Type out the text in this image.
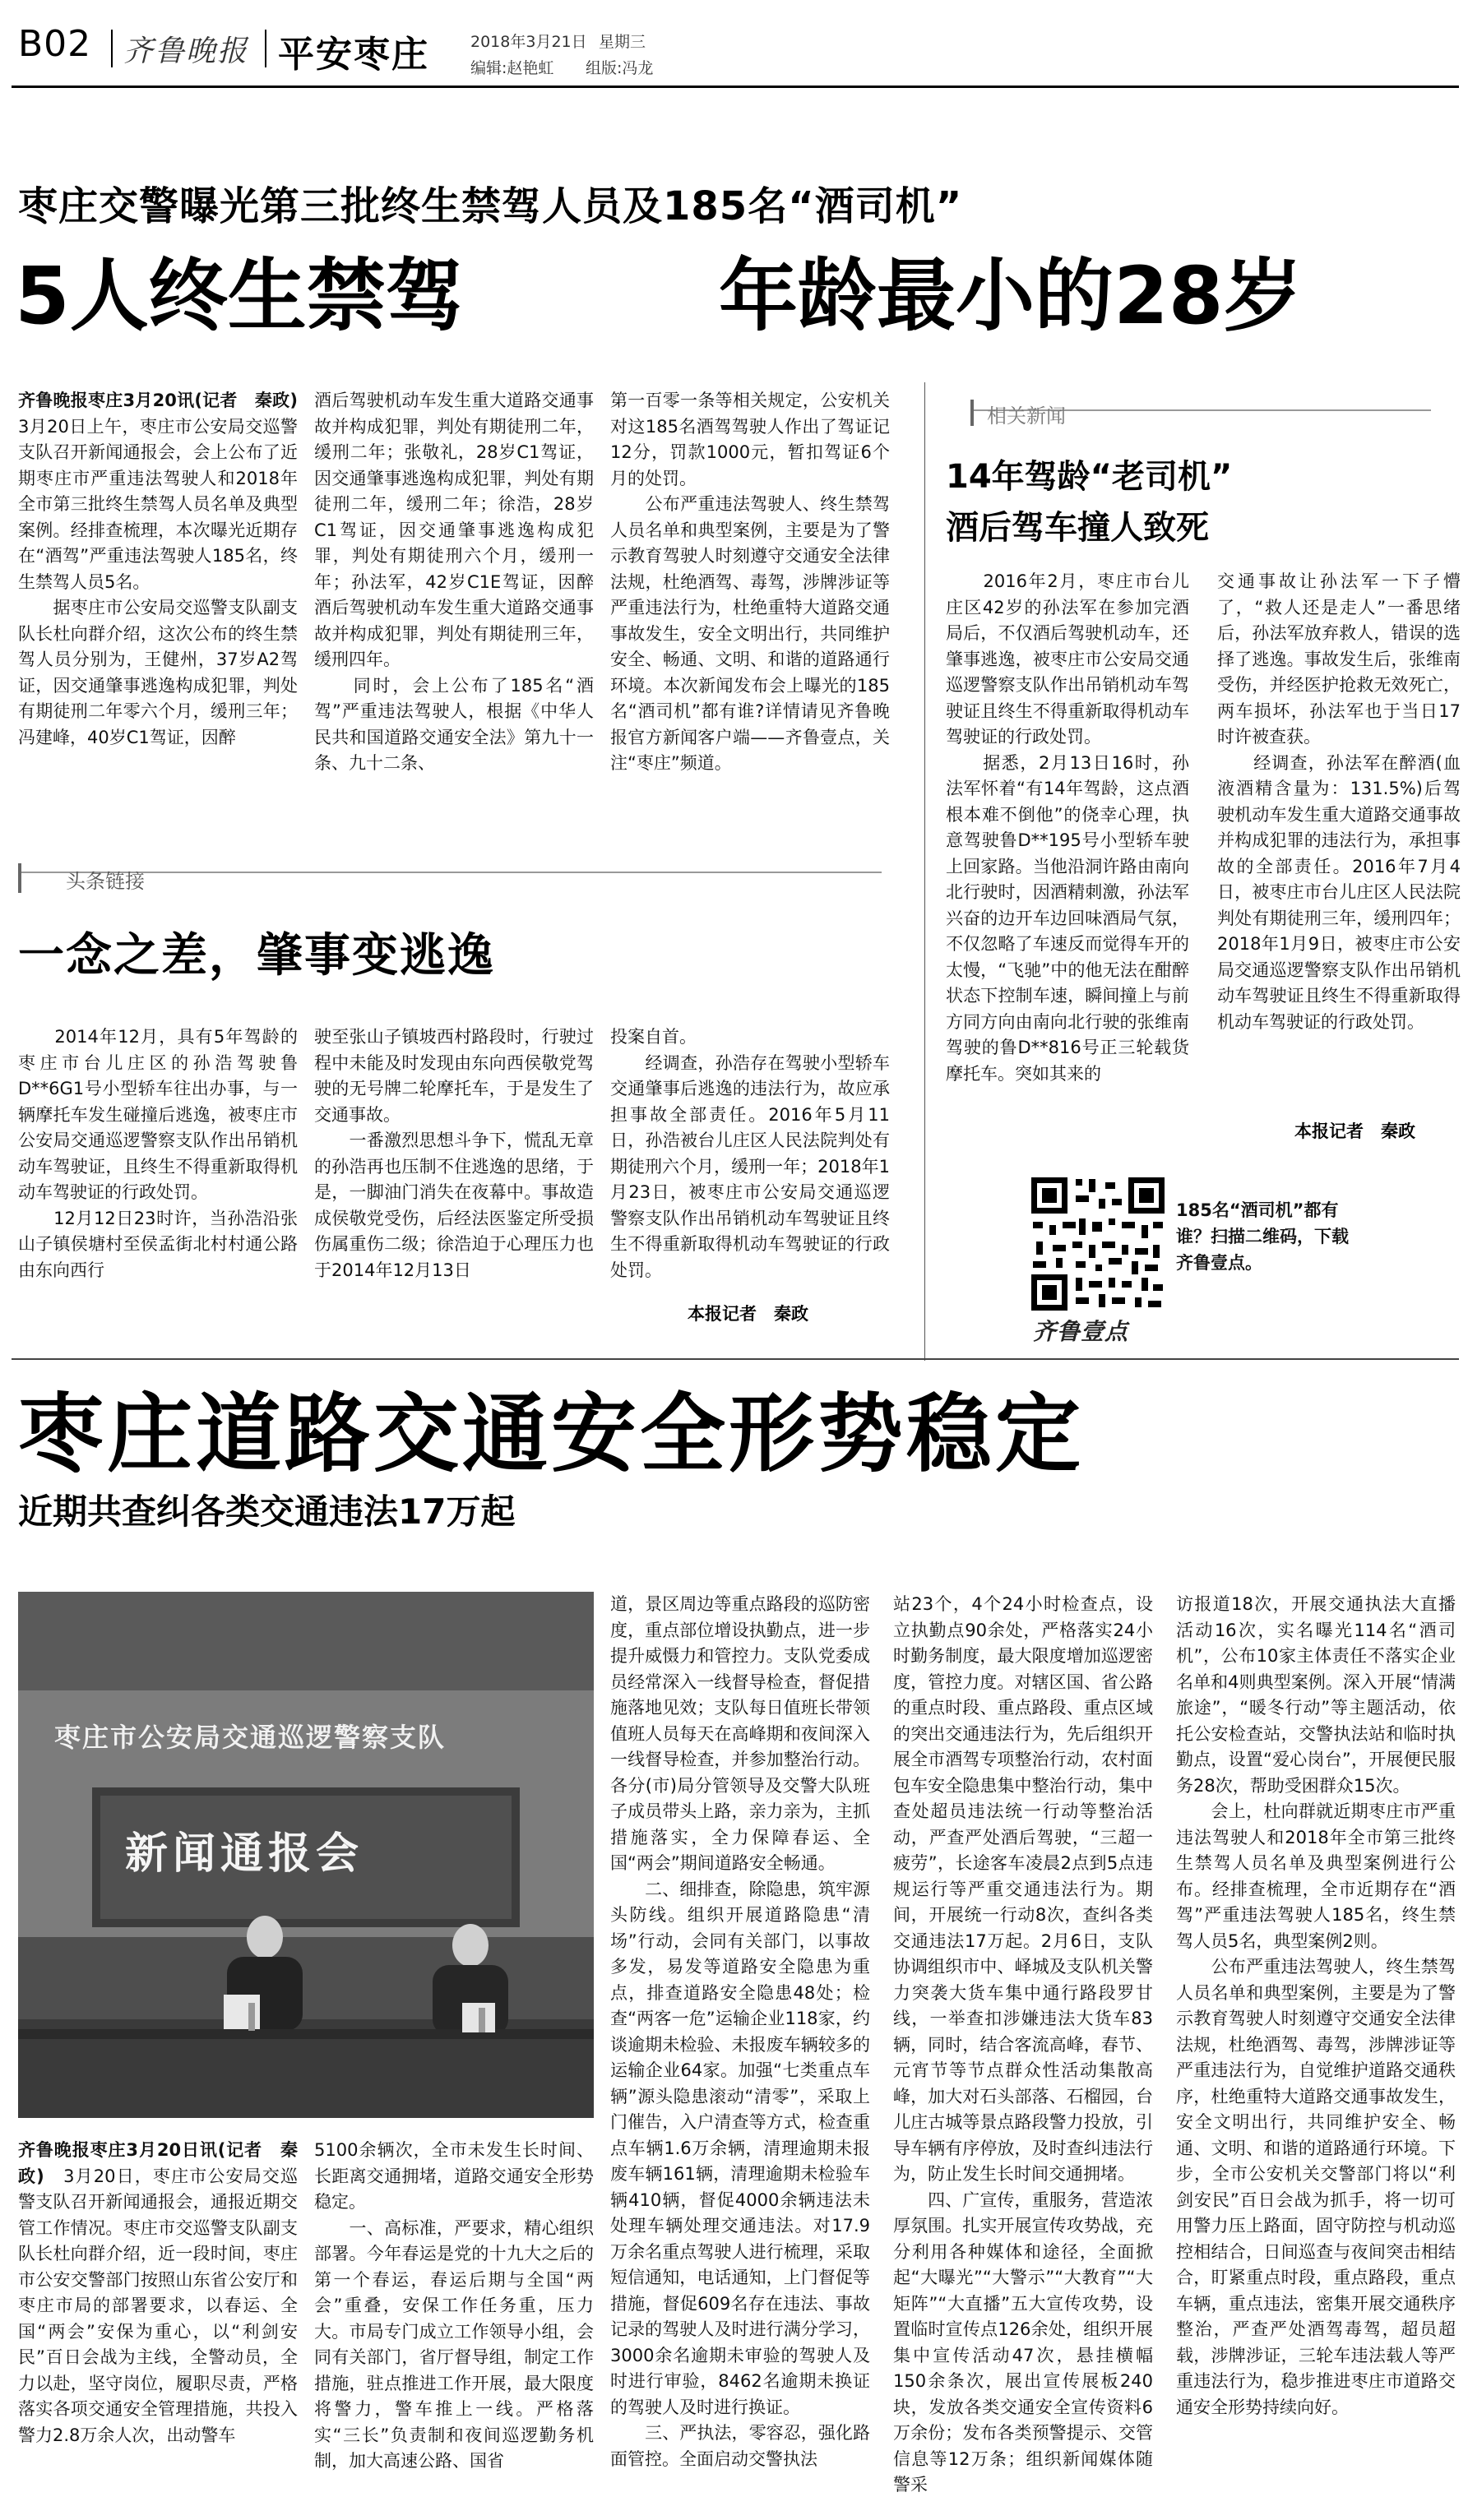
B02 齐鲁晚报 平安枣庄	2018年3月21日 星期三
编辑:赵艳虹 组版:冯龙
枣庄交警曝光第三批终生禁驾人员及185名“酒司机”
5人终生禁驾	年龄最小的28岁
齐鲁晚报枣庄3月20讯(记者　秦政)　3月20日上午，枣庄市公安局交巡警支队召开新闻通报会，会上公布了近期枣庄市严重违法驾驶人和2018年全市第三批终生禁驾人员名单及典型案例。经排查梳理，本次曝光近期存在“酒驾”严重违法驾驶人185名，终生禁驾人员5名。
　　据枣庄市公安局交巡警支队副支队长杜向群介绍，这次公布的终生禁驾人员分别为，王健州，37岁A2驾证，因交通肇事逃逸构成犯罪，判处有期徒刑二年零六个月，缓刑三年；冯建峰，40岁C1驾证，因醉
酒后驾驶机动车发生重大道路交通事故并构成犯罪，判处有期徒刑二年，缓刑二年；张敬礼，28岁C1驾证，因交通肇事逃逸构成犯罪，判处有期徒刑二年，缓刑二年；徐浩，28岁C1驾证，因交通肇事逃逸构成犯罪，判处有期徒刑六个月，缓刑一年；孙法军，42岁C1E驾证，因醉酒后驾驶机动车发生重大道路交通事故并构成犯罪，判处有期徒刑三年，缓刑四年。
　　同时，会上公布了185名“酒驾”严重违法驾驶人，根据《中华人民共和国道路交通安全法》第九十一条、九十二条、
第一百零一条等相关规定，公安机关对这185名酒驾驾驶人作出了驾证记12分，罚款1000元，暂扣驾证6个月的处罚。
　　公布严重违法驾驶人、终生禁驾人员名单和典型案例，主要是为了警示教育驾驶人时刻遵守交通安全法律法规，杜绝酒驾、毒驾，涉牌涉证等严重违法行为，杜绝重特大道路交通事故发生，安全文明出行，共同维护安全、畅通、文明、和谐的道路通行环境。本次新闻发布会上曝光的185名“酒司机”都有谁?详情请见齐鲁晚报官方新闻客户端——齐鲁壹点，关注“枣庄”频道。
头条链接
一念之差，肇事变逃逸
　　2014年12月，具有5年驾龄的枣庄市台儿庄区的孙浩驾驶鲁D**6G1号小型轿车往出办事，与一辆摩托车发生碰撞后逃逸，被枣庄市公安局交通巡逻警察支队作出吊销机动车驾驶证，且终生不得重新取得机动车驾驶证的行政处罚。
　　12月12日23时许，当孙浩沿张山子镇侯塘村至侯孟街北村村通公路由东向西行
驶至张山子镇坡西村路段时，行驶过程中未能及时发现由东向西侯敬党驾驶的无号牌二轮摩托车，于是发生了交通事故。
　　一番激烈思想斗争下，慌乱无章的孙浩再也压制不住逃逸的思绪，于是，一脚油门消失在夜幕中。事故造成侯敬党受伤，后经法医鉴定所受损伤属重伤二级；徐浩迫于心理压力也于2014年12月13日
投案自首。
　　经调查，孙浩存在驾驶小型轿车交通肇事后逃逸的违法行为，故应承担事故全部责任。2016年5月11日，孙浩被台儿庄区人民法院判处有期徒刑六个月，缓刑一年；2018年1月23日，被枣庄市公安局交通巡逻警察支队作出吊销机动车驾驶证且终生不得重新取得机动车驾驶证的行政处罚。
本报记者　秦政
相关新闻
14年驾龄“老司机”
酒后驾车撞人致死
　　2016年2月，枣庄市台儿庄区42岁的孙法军在参加完酒局后，不仅酒后驾驶机动车，还肇事逃逸，被枣庄市公安局交通巡逻警察支队作出吊销机动车驾驶证且终生不得重新取得机动车驾驶证的行政处罚。
　　据悉，2月13日16时，孙法军怀着“有14年驾龄，这点酒根本难不倒他”的侥幸心理，执意驾驶鲁D**195号小型轿车驶上回家路。当他沿洞许路由南向北行驶时，因酒精刺激，孙法军兴奋的边开车边回味酒局气氛，不仅忽略了车速反而觉得车开的太慢，“飞驰”中的他无法在酣醉状态下控制车速，瞬间撞上与前方同方向由南向北行驶的张维南驾驶的鲁D**816号正三轮载货摩托车。突如其来的
交通事故让孙法军一下子懵了，“救人还是走人”一番思绪后，孙法军放弃救人，错误的选择了逃逸。事故发生后，张维南受伤，并经医护抢救无效死亡，两车损坏，孙法军也于当日17时许被查获。
　　经调查，孙法军在醉酒(血液酒精含量为：131.5%)后驾驶机动车发生重大道路交通事故并构成犯罪的违法行为，承担事故的全部责任。2016年7月4日，被枣庄市台儿庄区人民法院判处有期徒刑三年，缓刑四年；2018年1月9日，被枣庄市公安局交通巡逻警察支队作出吊销机动车驾驶证且终生不得重新取得机动车驾驶证的行政处罚。
本报记者　秦政
齐鲁壹点
185名“酒司机”都有谁？扫描二维码，下载齐鲁壹点。
枣庄道路交通安全形势稳定
近期共查纠各类交通违法17万起
枣庄市公安局交通巡逻警察支队
新闻通报会
齐鲁晚报枣庄3月20日讯(记者　秦政)　 3月20日，枣庄市公安局交巡警支队召开新闻通报会，通报近期交管工作情况。枣庄市交巡警支队副支队长杜向群介绍，近一段时间，枣庄市公安交警部门按照山东省公安厅和枣庄市局的部署要求，以春运、全国“两会”安保为重心，以“利剑安民”百日会战为主线，全警动员，全力以赴，坚守岗位，履职尽责，严格落实各项交通安全管理措施，共投入警力2.8万余人次，出动警车
5100余辆次，全市未发生长时间、长距离交通拥堵，道路交通安全形势稳定。
　　一、高标准，严要求，精心组织部署。今年春运是党的十九大之后的第一个春运，春运后期与全国“两会”重叠，安保工作任务重，压力大。市局专门成立工作领导小组，会同有关部门，省厅督导组，制定工作措施，驻点推进工作开展，最大限度将警力，警车推上一线。严格落实“三长”负责制和夜间巡逻勤务机制，加大高速公路、国省
道，景区周边等重点路段的巡防密度，重点部位增设执勤点，进一步提升威慑力和管控力。支队党委成员经常深入一线督导检查，督促措施落地见效；支队每日值班长带领值班人员每天在高峰期和夜间深入一线督导检查，并参加整治行动。各分(市)局分管领导及交警大队班子成员带头上路，亲力亲为，主抓措施落实，全力保障春运、全国“两会”期间道路安全畅通。
　　二、细排查，除隐患，筑牢源头防线。组织开展道路隐患“清场”行动，会同有关部门，以事故多发，易发等道路安全隐患为重点，排查道路安全隐患48处；检查“两客一危”运输企业118家，约谈逾期未检验、未报废车辆较多的运输企业64家。加强“七类重点车辆”源头隐患滚动“清零”，采取上门催告，入户清查等方式，检查重点车辆1.6万余辆，清理逾期未报废车辆161辆，清理逾期未检验车辆410辆，督促4000余辆违法未处理车辆处理交通违法。对17.9万余名重点驾驶人进行梳理，采取短信通知，电话通知，上门督促等措施，督促609名存在违法、事故记录的驾驶人及时进行满分学习，3000余名逾期未审验的驾驶人及时进行审验，8462名逾期未换证的驾驶人及时进行换证。
　　三、严执法，零容忍，强化路面管控。全面启动交警执法
站23个，4个24小时检查点，设立执勤点90余处，严格落实24小时勤务制度，最大限度增加巡逻密度，管控力度。对辖区国、省公路的重点时段、重点路段、重点区域的突出交通违法行为，先后组织开展全市酒驾专项整治行动，农村面包车安全隐患集中整治行动，集中查处超员违法统一行动等整治活动，严查严处酒后驾驶，“三超一疲劳”，长途客车凌晨2点到5点违规运行等严重交通违法行为。期间，开展统一行动8次，查纠各类交通违法17万起。2月6日，支队协调组织市中、峄城及支队机关警力突袭大货车集中通行路段罗甘线，一举查扣涉嫌违法大货车83辆，同时，结合客流高峰，春节、元宵节等节点群众性活动集散高峰，加大对石头部落、石榴园，台儿庄古城等景点路段警力投放，引导车辆有序停放，及时查纠违法行为，防止发生长时间交通拥堵。
　　四、广宣传，重服务，营造浓厚氛围。扎实开展宣传攻势战，充分利用各种媒体和途径，全面掀起“大曝光”“大警示”“大教育”“大矩阵”“大直播”五大宣传攻势，设置临时宣传点126余处，组织开展集中宣传活动47次，悬挂横幅150余条次，展出宣传展板240块，发放各类交通安全宣传资料6万余份；发布各类预警提示、交管信息等12万条；组织新闻媒体随警采
访报道18次，开展交通执法大直播活动16次，实名曝光114名“酒司机”，公布10家主体责任不落实企业名单和4则典型案例。深入开展“情满旅途”，“暖冬行动”等主题活动，依托公安检查站，交警执法站和临时执勤点，设置“爱心岗台”，开展便民服务28次，帮助受困群众15次。
　　会上，杜向群就近期枣庄市严重违法驾驶人和2018年全市第三批终生禁驾人员名单及典型案例进行公布。经排查梳理，全市近期存在“酒驾”严重违法驾驶人185名，终生禁驾人员5名，典型案例2则。
　　公布严重违法驾驶人，终生禁驾人员名单和典型案例，主要是为了警示教育驾驶人时刻遵守交通安全法律法规，杜绝酒驾、毒驾，涉牌涉证等严重违法行为，自觉维护道路交通秩序，杜绝重特大道路交通事故发生，安全文明出行，共同维护安全、畅通、文明、和谐的道路通行环境。下步，全市公安机关交警部门将以“利剑安民”百日会战为抓手，将一切可用警力压上路面，固守防控与机动巡控相结合，日间巡查与夜间突击相结合，盯紧重点时段，重点路段，重点车辆，重点违法，密集开展交通秩序整治，严查严处酒驾毒驾，超员超载，涉牌涉证，三轮车违法载人等严重违法行为，稳步推进枣庄市道路交通安全形势持续向好。
